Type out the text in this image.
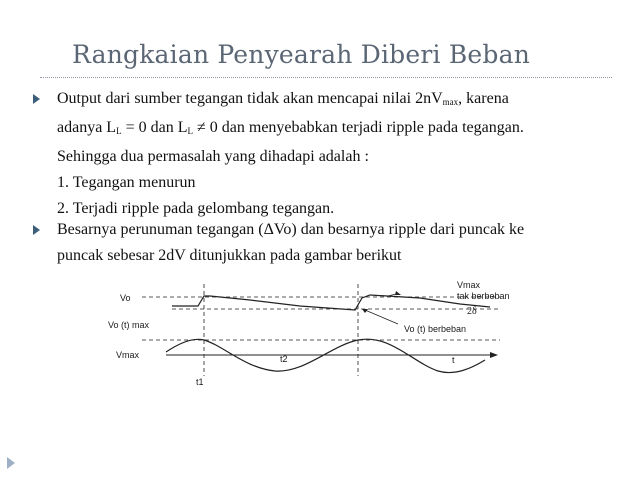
Rangkaian Penyearah Diberi Beban
Output dari sumber tegangan tidak akan mencapai nilai $2nV_{max}$, karena
adanya $L_L = 0$ dan $L_L \ne 0$ dan menyebabkan terjadi ripple pada tegangan.
Sehingga dua permasalah yang dihadapi adalah :
1. Tegangan menurun
2. Terjadi ripple pada gelombang tegangan.
Besarnya perunuman tegangan (ΔVo) dan besarnya ripple dari puncak ke
puncak sebesar 2dV ditunjukkan pada gambar berikut
Vo
Vo (t) max
Vmax	t2
t1
t
Vmax
tak berbeban
2δ
Vo (t) berbeban
